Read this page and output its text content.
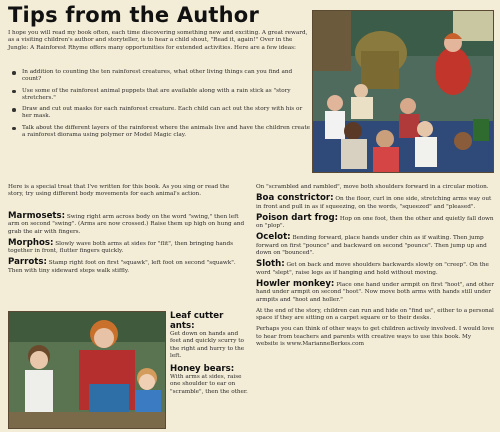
Tips from the Author
I hope you will read my book often, each time discovering something new and exciting. A great reward, as a visiting children's author and storyteller, is to hear a child shout, "Read it, again!" Over in the Jungle: A Rainforest Rhyme offers many opportunities for extended activities. Here are a few ideas:
In addition to counting the ten rainforest creatures, what other living things can you find and count?
Use some of the rainforest animal puppets that are available along with a rain stick as "story stretchers."
Draw and cut out masks for each rainforest creature. Each child can act out the story with his or her mask.
Talk about the different layers of the rainforest where the animals live and have the children create a rainforest diorama using polymer or Model Magic clay.
Here is a special treat that I've written for this book. As you sing or read the story, try using different body movements for each animal's action.

Marmosets: Swing right arm across body on the word "swing," then left arm on second "swing". (Arms are now crossed.) Raise them up high on hung and grab the air with fingers.

Morphos: Slowly wave both arms at sides for "flit", then bringing hands together in front, flutter fingers quickly.

Parrots: Stamp right foot on first "squawk", left foot on second "squawk". Then with tiny sideward steps walk stiffly.

Leaf cutter ants:
Get down on hands and feet and quickly scurry to the right and hurry to the left.

Honey bears:
With arms at sides, raise one shoulder to ear on "scramble", then the other.

On "scrambled and rambled", move both shoulders forward in a circular motion.

Boa constrictor: On the floor, curl in one side, stretching arms way out in front and pull in as if squeezing, on the words, "squeezed" and "pleased".

Poison dart frog: Hop on one foot, then the other and quietly fall down on "plop".

Ocelot: Bending forward, place hands under chin as if waiting. Then jump forward on first "pounce" and backward on second "pounce". Then jump up and down on "bounced".

Sloth: Get on back and move shoulders backwards slowly on "creep". On the word "slept", raise legs as if hanging and hold without moving.

Howler monkey: Place one hand under armpit on first "hoot", and other hand under armpit on second "hoot". Now move both arms with hands still under armpits and "hoot and holler."

At the end of the story, children can run and hide on "find us", either to a personal space if they are sitting on a carpet square or to their desks.

Perhaps you can think of other ways to get children actively involved. I would love to hear from teachers and parents with creative ways to use this book. My website is www.MarianneBerkes.com
